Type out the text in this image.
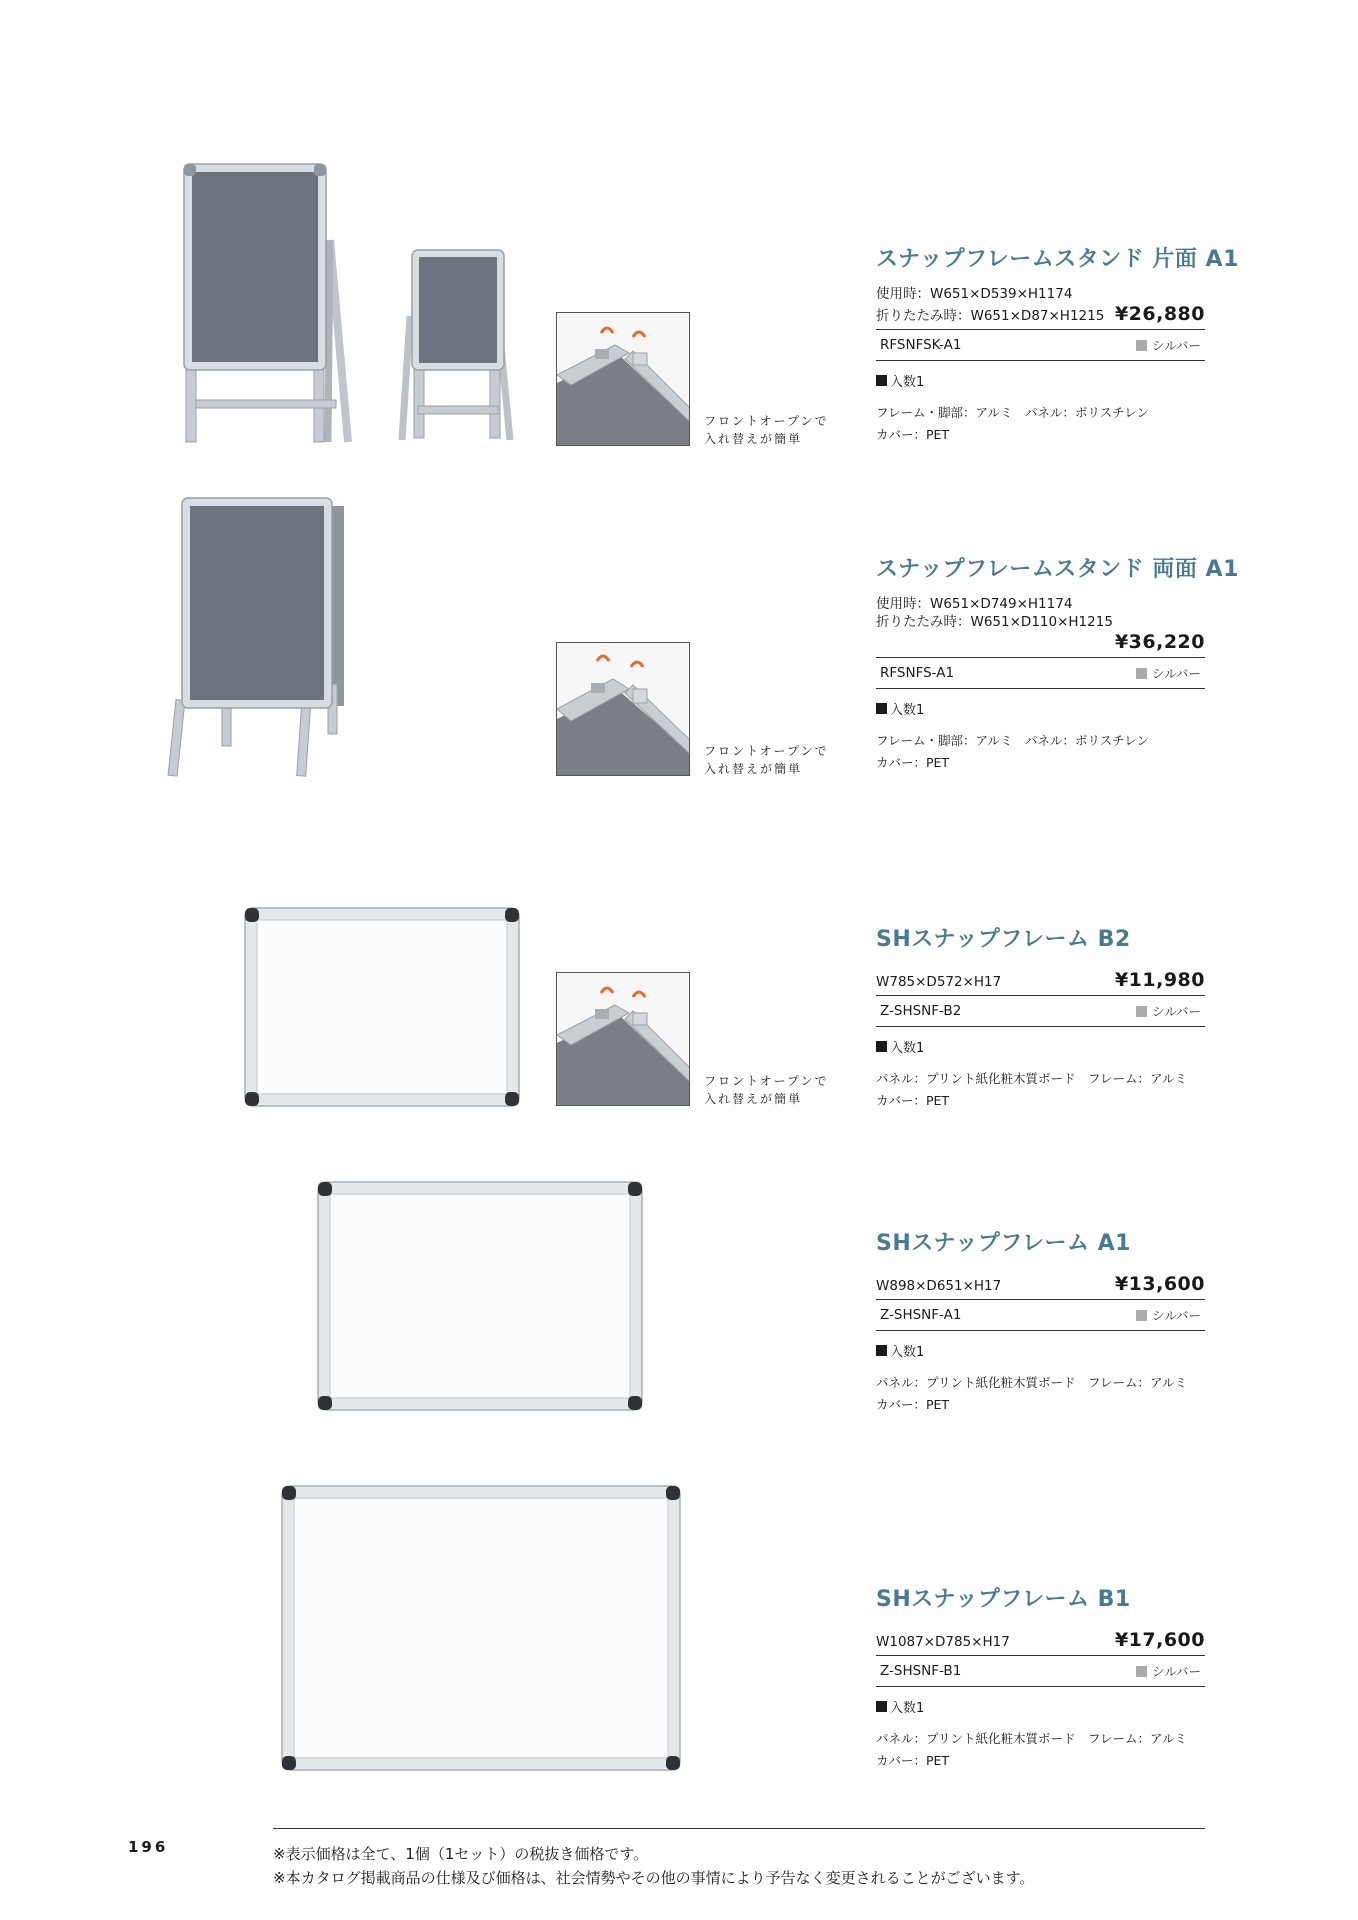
フロントオープンで
入れ替えが簡単
スナップフレームスタンド 片面 A1
使用時：W651×D539×H1174
折りたたみ時：W651×D87×H1215 ¥26,880
RFSNFSK-A1	シルバー
入数1
フレーム・脚部：アルミ　パネル：ポリスチレン
カバー：PET
フロントオープンで
入れ替えが簡単
スナップフレームスタンド 両面 A1
使用時：W651×D749×H1174
折りたたみ時：W651×D110×H1215
¥36,220
RFSNFS-A1	シルバー
入数1
フレーム・脚部：アルミ　パネル：ポリスチレン
カバー：PET
フロントオープンで
入れ替えが簡単
SHスナップフレーム B2
W785×D572×H17	¥11,980
Z-SHSNF-B2	シルバー
入数1
パネル：プリント紙化粧木質ボード　フレーム：アルミ
カバー：PET
SHスナップフレーム A1
W898×D651×H17	¥13,600
Z-SHSNF-A1	シルバー
入数1
パネル：プリント紙化粧木質ボード　フレーム：アルミ
カバー：PET
SHスナップフレーム B1
W1087×D785×H17	¥17,600
Z-SHSNF-B1	シルバー
入数1
パネル：プリント紙化粧木質ボード　フレーム：アルミ
カバー：PET
196	※表示価格は全て、1個（1セット）の税抜き価格です。
※本カタログ掲載商品の仕様及び価格は、社会情勢やその他の事情により予告なく変更されることがございます。
